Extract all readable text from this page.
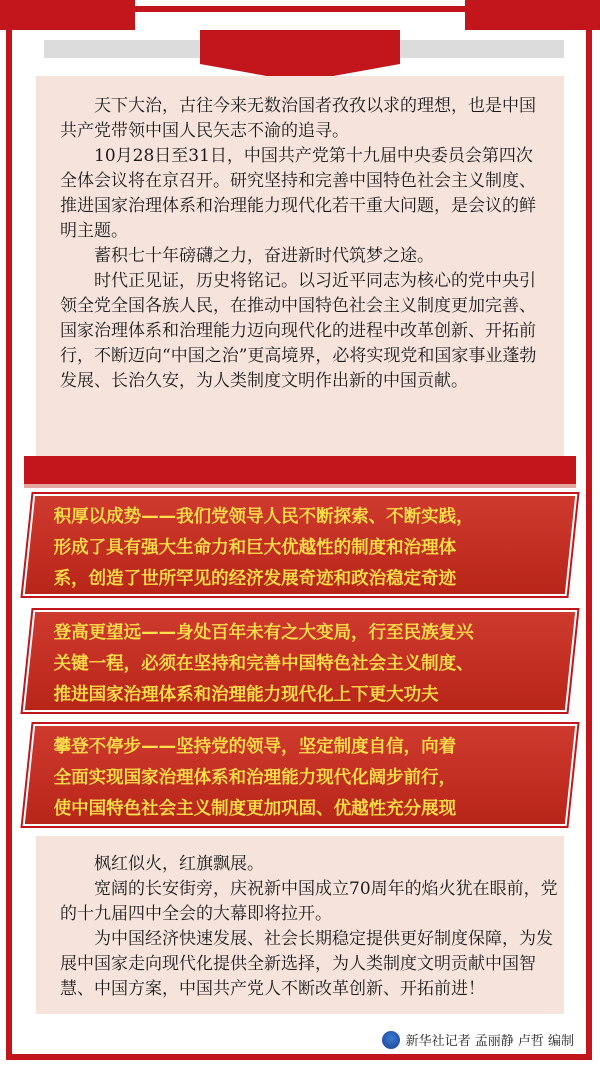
天下大治，古往今来无数治国者孜孜以求的理想，也是中国共产党带领中国人民矢志不渝的追寻。

10月28日至31日，中国共产党第十九届中央委员会第四次全体会议将在京召开。研究坚持和完善中国特色社会主义制度、推进国家治理体系和治理能力现代化若干重大问题，是会议的鲜明主题。

蓄积七十年磅礴之力，奋进新时代筑梦之途。

时代正见证，历史将铭记。以习近平同志为核心的党中央引领全党全国各族人民，在推动中国特色社会主义制度更加完善、国家治理体系和治理能力迈向现代化的进程中改革创新、开拓前行，不断迈向“中国之治”更高境界，必将实现党和国家事业蓬勃发展、长治久安，为人类制度文明作出新的中国贡献。

积厚以成势——我们党领导人民不断探索、不断实践，
形成了具有强大生命力和巨大优越性的制度和治理体
系，创造了世所罕见的经济发展奇迹和政治稳定奇迹
登高更望远——身处百年未有之大变局，行至民族复兴
关键一程，必须在坚持和完善中国特色社会主义制度、
推进国家治理体系和治理能力现代化上下更大功夫
攀登不停步——坚持党的领导，坚定制度自信，向着
全面实现国家治理体系和治理能力现代化阔步前行，
使中国特色社会主义制度更加巩固、优越性充分展现

枫红似火，红旗飘展。

宽阔的长安街旁，庆祝新中国成立70周年的焰火犹在眼前，党的十九届四中全会的大幕即将拉开。

为中国经济快速发展、社会长期稳定提供更好制度保障，为发展中国家走向现代化提供全新选择，为人类制度文明贡献中国智慧、中国方案，中国共产党人不断改革创新、开拓前进！

新华社记者 孟丽静 卢哲 编制
